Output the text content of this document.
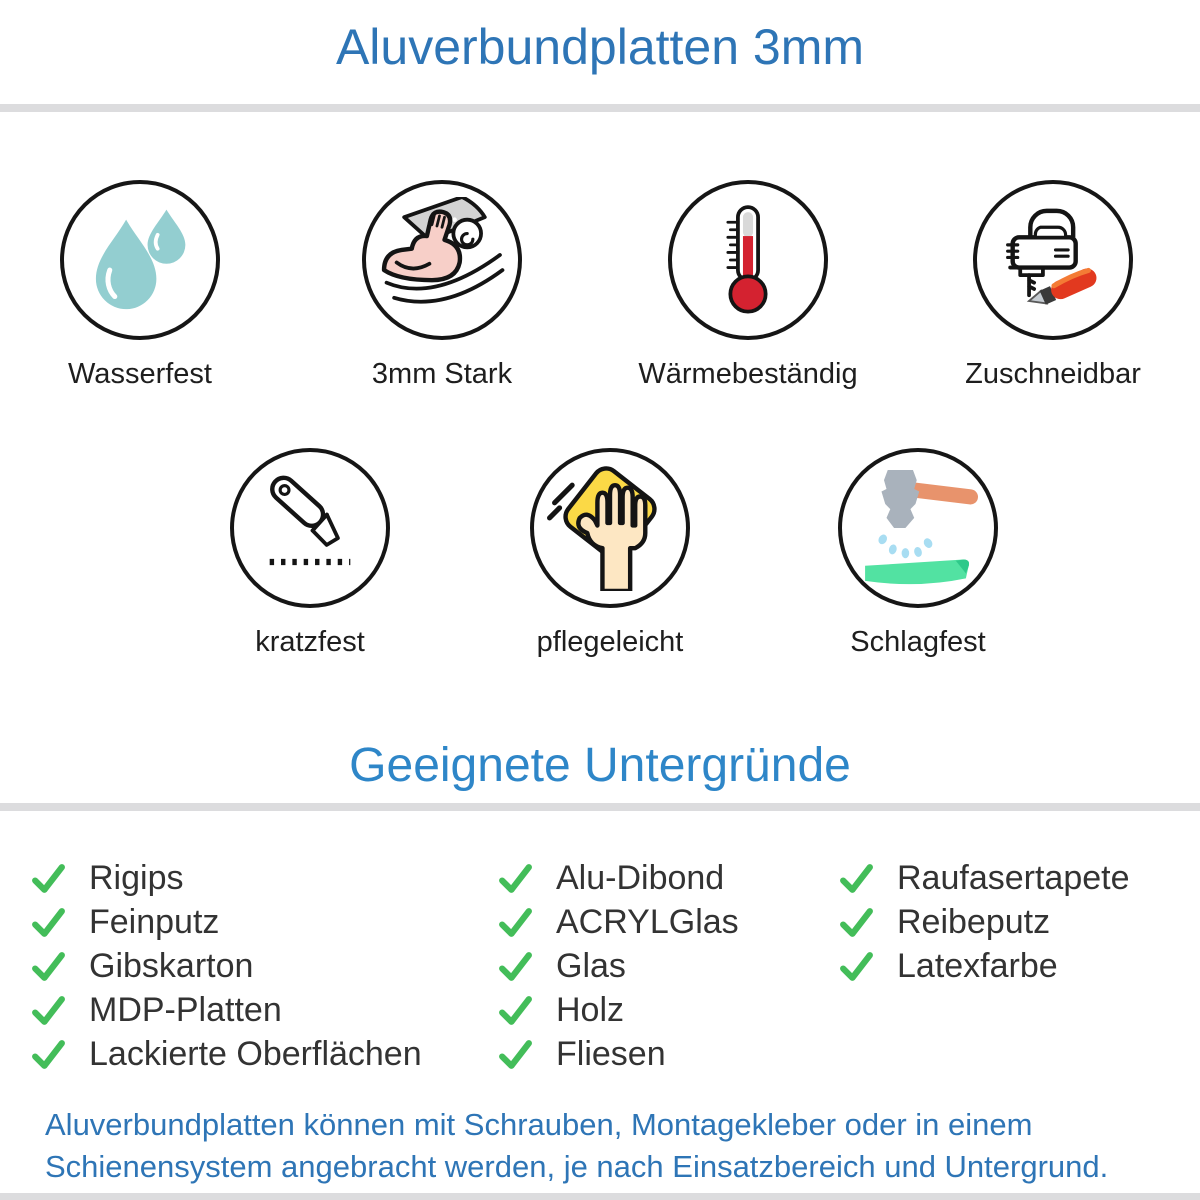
Aluverbundplatten 3mm
Wasserfest	3mm Stark	Wärmebeständig	Zuschneidbar
kratzfest	pflegeleicht	Schlagfest
Geeignete Untergründe
Rigips
Feinputz
Gibskarton
MDP-Platten
Lackierte Oberflächen
Alu-Dibond
ACRYLGlas
Glas
Holz
Fliesen
Raufasertapete
Reibeputz
Latexfarbe

Aluverbundplatten können mit Schrauben, Montagekleber oder in einem
Schienensystem angebracht werden, je nach Einsatzbereich und Untergrund.
